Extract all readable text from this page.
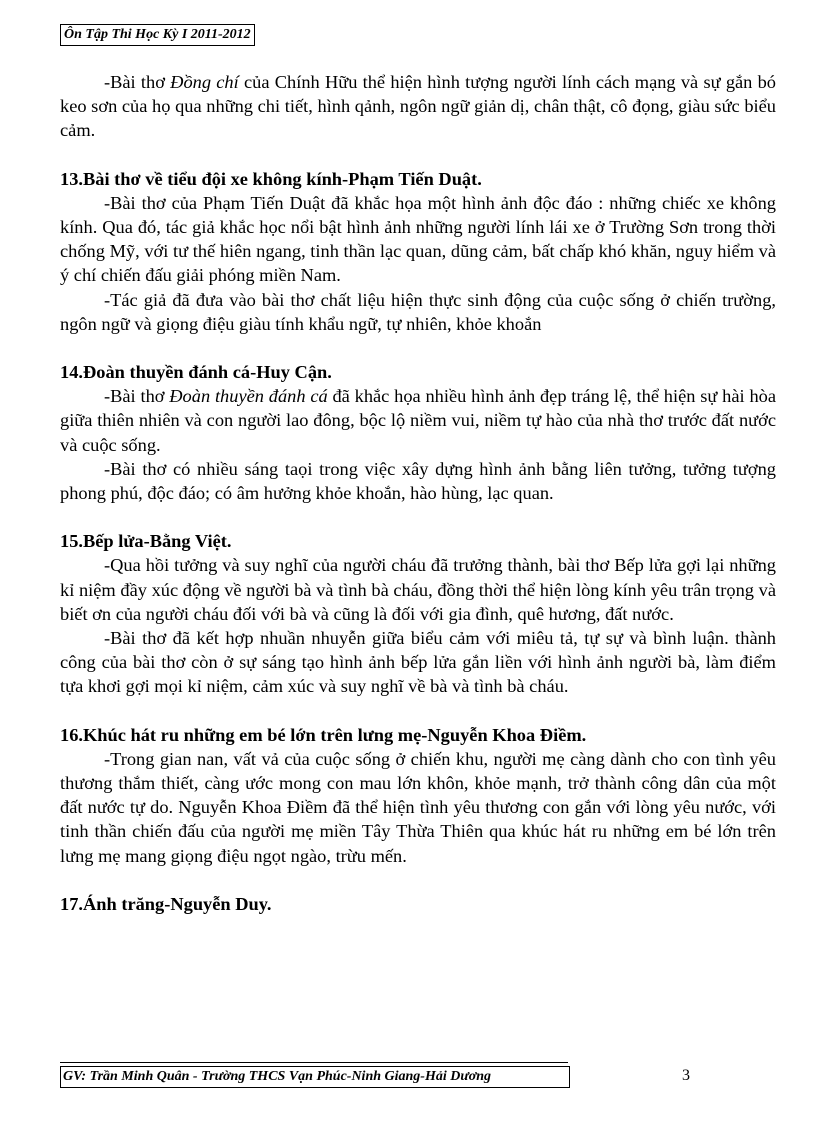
Ôn Tập Thi Học Kỳ I 2011-2012

-Bài thơ Đồng chí của Chính Hữu thể hiện hình tượng người lính cách mạng và sự gắn bó keo sơn của họ qua những chi tiết, hình qảnh, ngôn ngữ giản dị, chân thật, cô đọng, giàu sức biểu cảm.

13.Bài thơ về tiểu đội xe không kính-Phạm Tiến Duật.

-Bài thơ của Phạm Tiến Duật đã khắc họa một hình ảnh độc đáo : những chiếc xe không kính. Qua đó, tác giả khắc học nổi bật hình ảnh những người lính lái xe ở Trường Sơn trong thời chống Mỹ, với tư thế hiên ngang, tinh thần lạc quan, dũng cảm, bất chấp khó khăn, nguy hiểm và ý chí chiến đấu giải phóng miền Nam.

-Tác giả đã đưa vào bài thơ chất liệu hiện thực sinh động của cuộc sống ở chiến trường, ngôn ngữ và giọng điệu giàu tính khẩu ngữ, tự nhiên, khỏe khoắn

14.Đoàn thuyền đánh cá-Huy Cận.

-Bài thơ Đoàn thuyền đánh cá đã khắc họa nhiều hình ảnh đẹp tráng lệ, thể hiện sự hài hòa giữa thiên nhiên và con người lao đông, bộc lộ niềm vui, niềm tự hào của nhà thơ trước đất nước và cuộc sống.

-Bài thơ có nhiều sáng taọi trong việc xây dựng hình ảnh bằng liên tưởng, tưởng tượng phong phú, độc đáo; có âm hưởng khỏe khoắn, hào hùng, lạc quan.

15.Bếp lửa-Bằng Việt.

-Qua hồi tưởng và suy nghĩ của người cháu đã trưởng thành, bài thơ Bếp lửa gợi lại những kỉ niệm đầy xúc động về người bà và tình bà cháu, đồng thời thể hiện lòng kính yêu trân trọng và biết ơn của người cháu đối với bà và cũng là đối với gia đình, quê hương, đất nước.

-Bài thơ đã kết hợp nhuần nhuyễn giữa biểu cảm với miêu tả, tự sự và bình luận. thành công của bài thơ còn ở sự sáng tạo hình ảnh bếp lửa gắn liền với hình ảnh người bà, làm điểm tựa khơi gợi mọi kỉ niệm, cảm xúc và suy nghĩ về bà và tình bà cháu.

16.Khúc hát ru những em bé lớn trên lưng mẹ-Nguyễn Khoa Điềm.

-Trong gian nan, vất vả của cuộc sống ở chiến khu, người mẹ càng dành cho con tình yêu thương thắm thiết, càng ước mong con mau lớn khôn, khỏe mạnh, trở thành công dân của một đất nước tự do. Nguyễn Khoa Điềm đã thể hiện tình yêu thương con gắn với lòng yêu nước, với tinh thần chiến đấu của người mẹ miền Tây Thừa Thiên qua khúc hát ru những em bé lớn trên lưng mẹ mang giọng điệu ngọt ngào, trừu mến.

17.Ánh trăng-Nguyễn Duy.

GV: Trần Minh Quân - Trường THCS Vạn Phúc-Ninh Giang-Hải Dương	3
